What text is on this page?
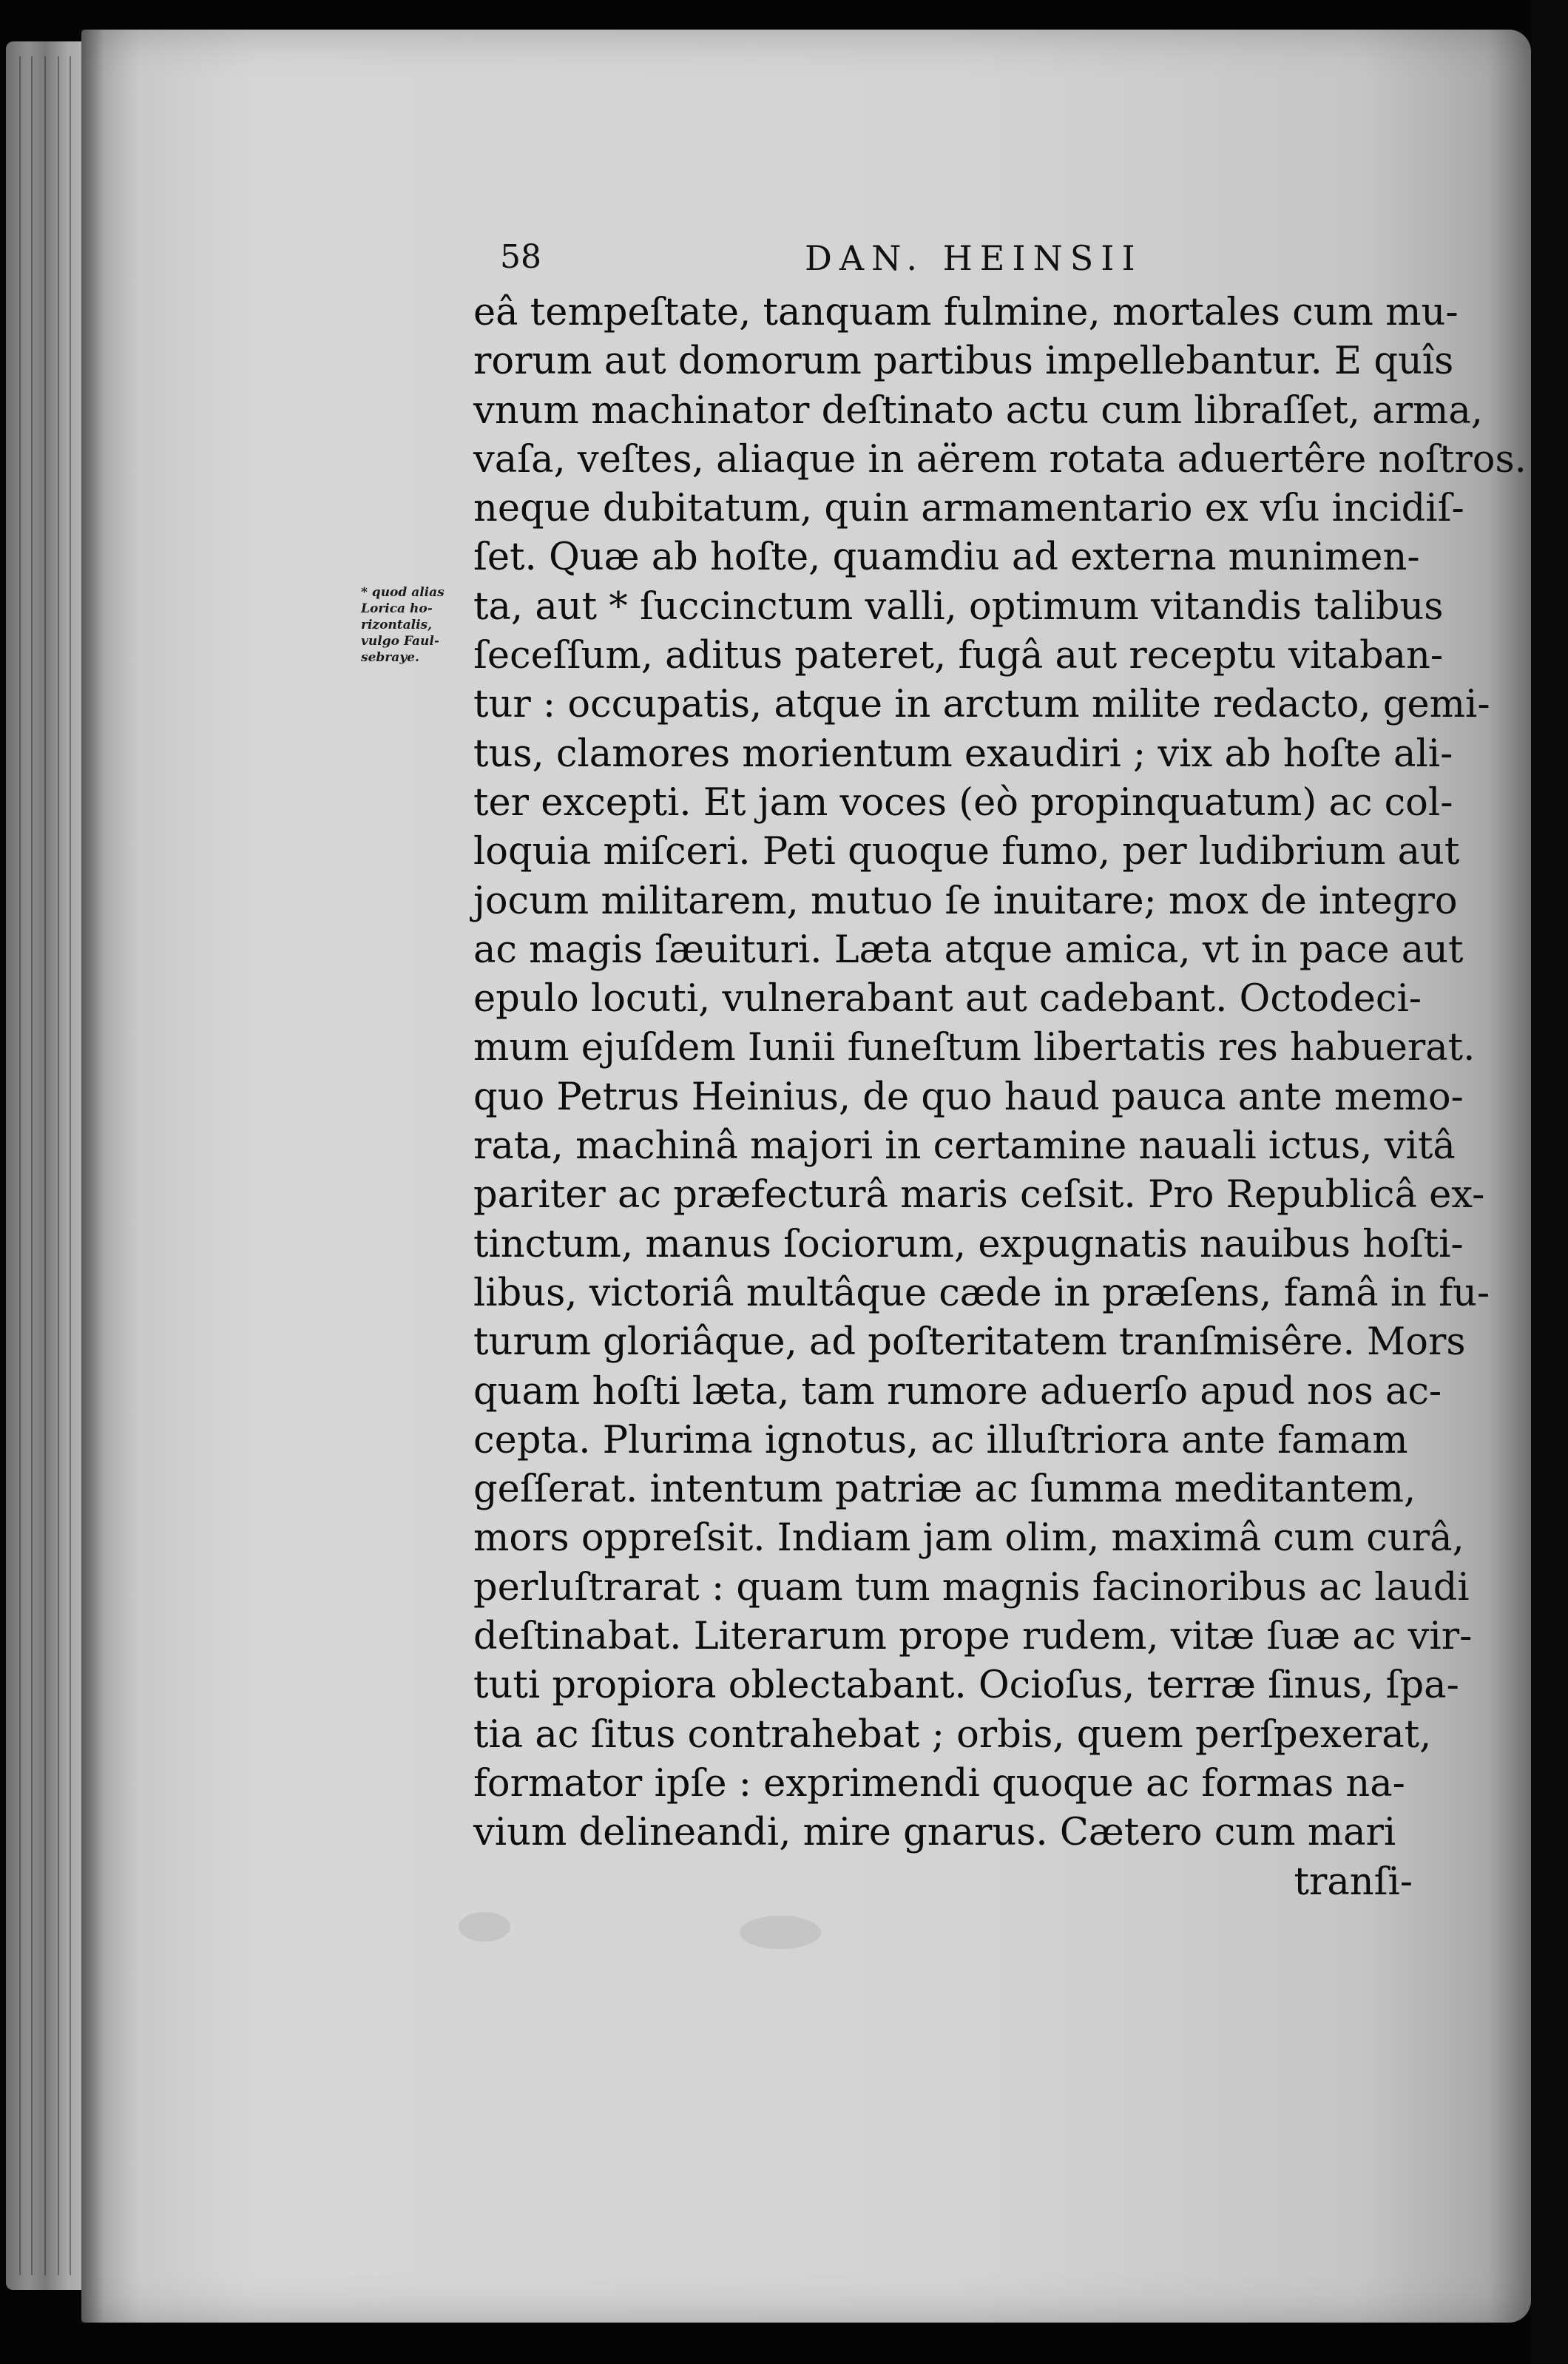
58	DAN. HEINSII
* quod alias
Lorica ho-
rizontalis,
vulgo Faul-
sebraye.
eâ tempeſtate, tanquam fulmine, mortales cum mu-
rorum aut domorum partibus impellebantur. E quîs
vnum machinator deſtinato actu cum libraſſet, arma,
vaſa, veſtes, aliaque in aërem rotata aduertêre noſtros.
neque dubitatum, quin armamentario ex vſu incidiſ-
ſet. Quæ ab hoſte, quamdiu ad externa munimen-
ta, aut * ſuccinctum valli, optimum vitandis talibus
ſeceſſum, aditus pateret, fugâ aut receptu vitaban-
tur : occupatis, atque in arctum milite redacto, gemi-
tus, clamores morientum exaudiri ; vix ab hoſte ali-
ter excepti. Et jam voces (eò propinquatum) ac col-
loquia miſceri. Peti quoque fumo, per ludibrium aut
jocum militarem, mutuo ſe inuitare; mox de integro
ac magis ſæuituri. Læta atque amica, vt in pace aut
epulo locuti, vulnerabant aut cadebant. Octodeci-
mum ejuſdem Iunii funeſtum libertatis res habuerat.
quo Petrus Heinius, de quo haud pauca ante memo-
rata, machinâ majori in certamine nauali ictus, vitâ
pariter ac præfecturâ maris ceſsit. Pro Republicâ ex-
tinctum, manus ſociorum, expugnatis nauibus hoſti-
libus, victoriâ multâque cæde in præſens, famâ in fu-
turum gloriâque, ad poſteritatem tranſmisêre. Mors
quam hoſti læta, tam rumore aduerſo apud nos ac-
cepta. Plurima ignotus, ac illuſtriora ante famam
geſſerat. intentum patriæ ac ſumma meditantem,
mors oppreſsit. Indiam jam olim, maximâ cum curâ,
perluſtrarat : quam tum magnis facinoribus ac laudi
deſtinabat. Literarum prope rudem, vitæ ſuæ ac vir-
tuti propiora oblectabant. Ocioſus, terræ ſinus, ſpa-
tia ac ſitus contrahebat ; orbis, quem perſpexerat,
formator ipſe : exprimendi quoque ac formas na-
vium delineandi, mire gnarus. Cætero cum mari
tranſi-
